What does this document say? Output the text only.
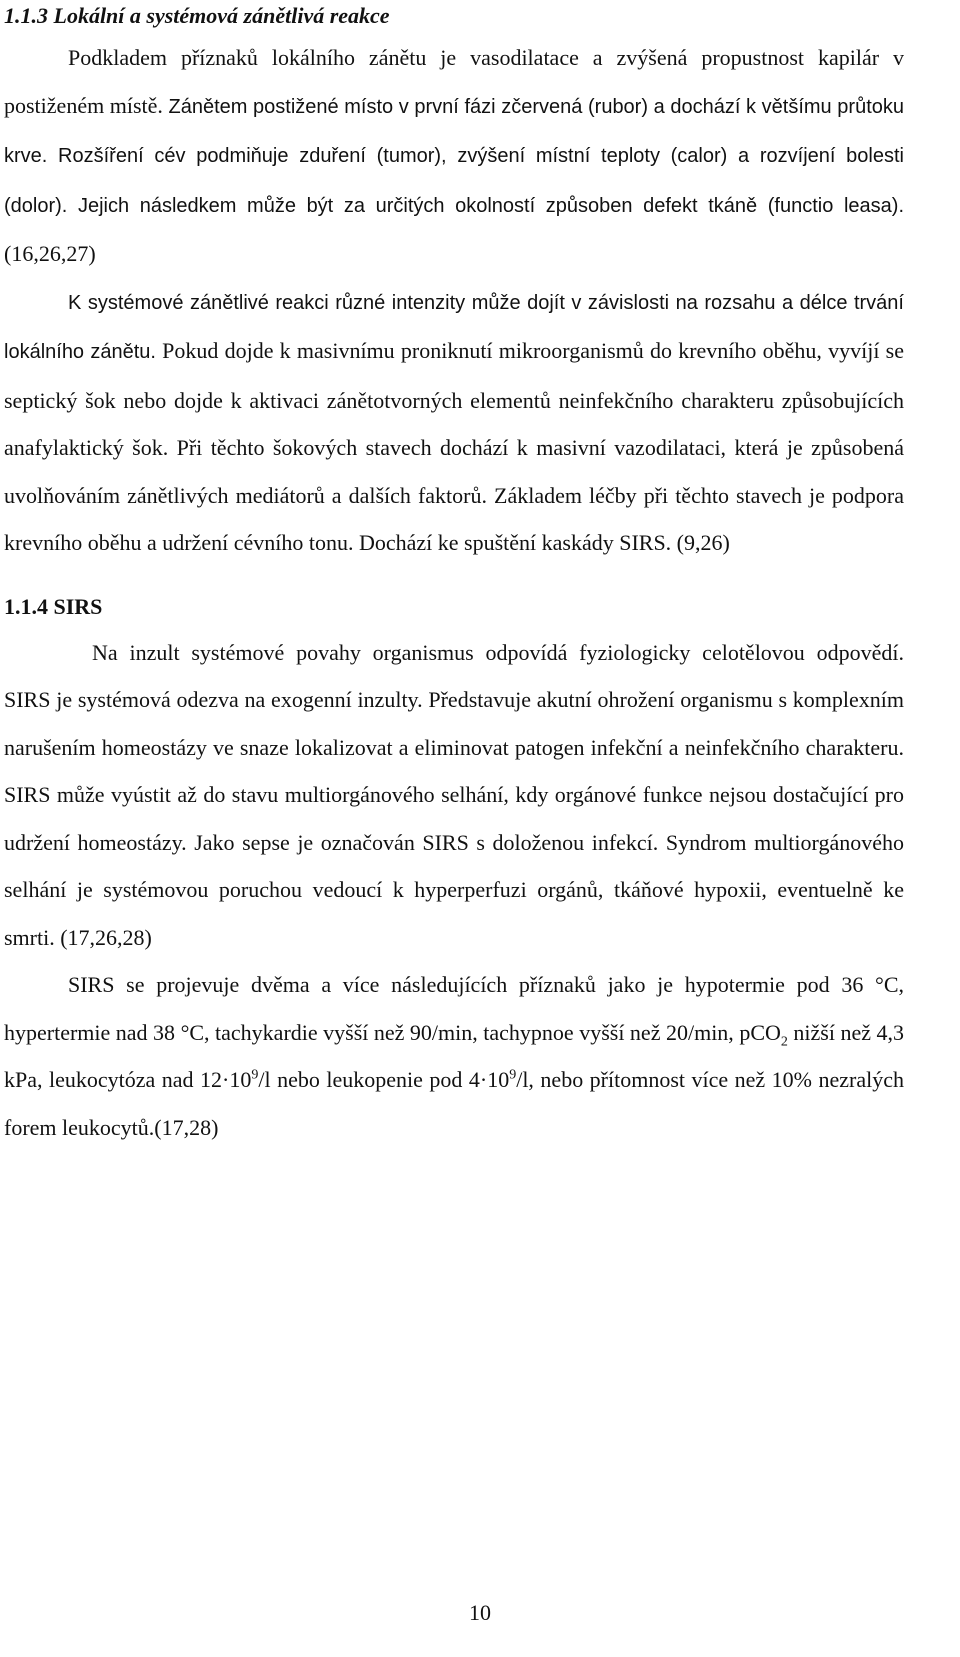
1.1.3 Lokální a systémová zánětlivá reakce

Podkladem příznaků lokálního zánětu je vasodilatace a zvýšená propustnost kapilár v postiženém místě. Zánětem postižené místo v první fázi zčervená (rubor) a dochází k většímu průtoku krve. Rozšíření cév podmiňuje zduření (tumor), zvýšení místní teploty (calor) a rozvíjení bolesti (dolor). Jejich následkem může být za určitých okolností způsoben defekt tkáně (functio leasa). (16,26,27)

K systémové zánětlivé reakci různé intenzity může dojít v závislosti na rozsahu a délce trvání lokálního zánětu. Pokud dojde k masivnímu proniknutí mikroorganismů do krevního oběhu, vyvíjí se septický šok nebo dojde k aktivaci zánětotvorných elementů neinfekčního charakteru způsobujících anafylaktický šok. Při těchto šokových stavech dochází k masivní vazodilataci, která je způsobená uvolňováním zánětlivých mediátorů a dalších faktorů. Základem léčby při těchto stavech je podpora krevního oběhu a udržení cévního tonu. Dochází ke spuštění kaskády SIRS. (9,26)

1.1.4 SIRS

Na inzult systémové povahy organismus odpovídá fyziologicky celotělovou odpovědí. SIRS je systémová odezva na exogenní inzulty. Představuje akutní ohrožení organismu s komplexním narušením homeostázy ve snaze lokalizovat a eliminovat patogen infekční a neinfekčního charakteru. SIRS může vyústit až do stavu multiorgánového selhání, kdy orgánové funkce nejsou dostačující pro udržení homeostázy. Jako sepse je označován SIRS s doloženou infekcí. Syndrom multiorgánového selhání je systémovou poruchou vedoucí k hyperperfuzi orgánů, tkáňové hypoxii, eventuelně ke smrti. (17,26,28)

SIRS se projevuje dvěma a více následujících příznaků jako je hypotermie pod 36 °C, hypertermie nad 38 °C, tachykardie vyšší než 90/min, tachypnoe vyšší než 20/min, pCO$_2$ nižší než 4,3 kPa, leukocytóza nad $12\cdot 10^9/l$ nebo leukopenie pod $4\cdot 10^9/l$, nebo přítomnost více než 10% nezralých forem leukocytů.(17,28)

10
